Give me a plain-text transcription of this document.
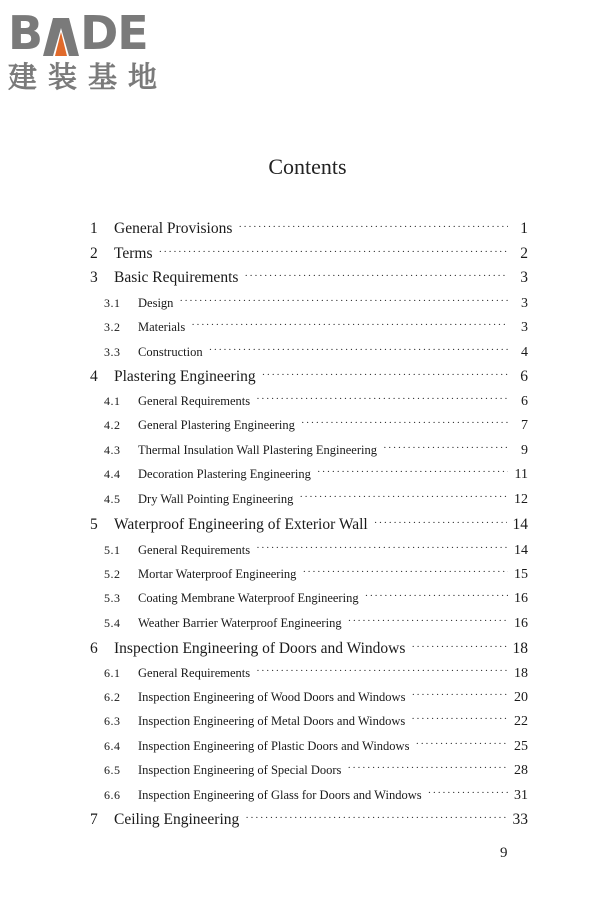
B DE
建装基地
Contents
1	General Provisions ·····	1
2	Terms ·····	2
3	Basic Requirements ·····	3
3.1 Design ·····	3
3.2 Materials ·····	3
3.3 Construction ·····	4
4	Plastering Engineering ·····	6
4.1 General Requirements ·····	6
4.2 General Plastering Engineering ·····	7
4.3 Thermal Insulation Wall Plastering Engineering ·····	9
4.4 Decoration Plastering Engineering ·····	11
4.5 Dry Wall Pointing Engineering ·····	12
5	Waterproof Engineering of Exterior Wall ·····	14
5.1 General Requirements ·····	14
5.2 Mortar Waterproof Engineering ·····	15
5.3 Coating Membrane Waterproof Engineering ·····	16
5.4 Weather Barrier Waterproof Engineering ·····	16
6	Inspection Engineering of Doors and Windows ·····	18
6.1 General Requirements ·····	18
6.2 Inspection Engineering of Wood Doors and Windows ·····	20
6.3 Inspection Engineering of Metal Doors and Windows ·····	22
6.4 Inspection Engineering of Plastic Doors and Windows ·····	25
6.5 Inspection Engineering of Special Doors ·····	28
6.6 Inspection Engineering of Glass for Doors and Windows ·····	31
7	Ceiling Engineering ·····	33
9
